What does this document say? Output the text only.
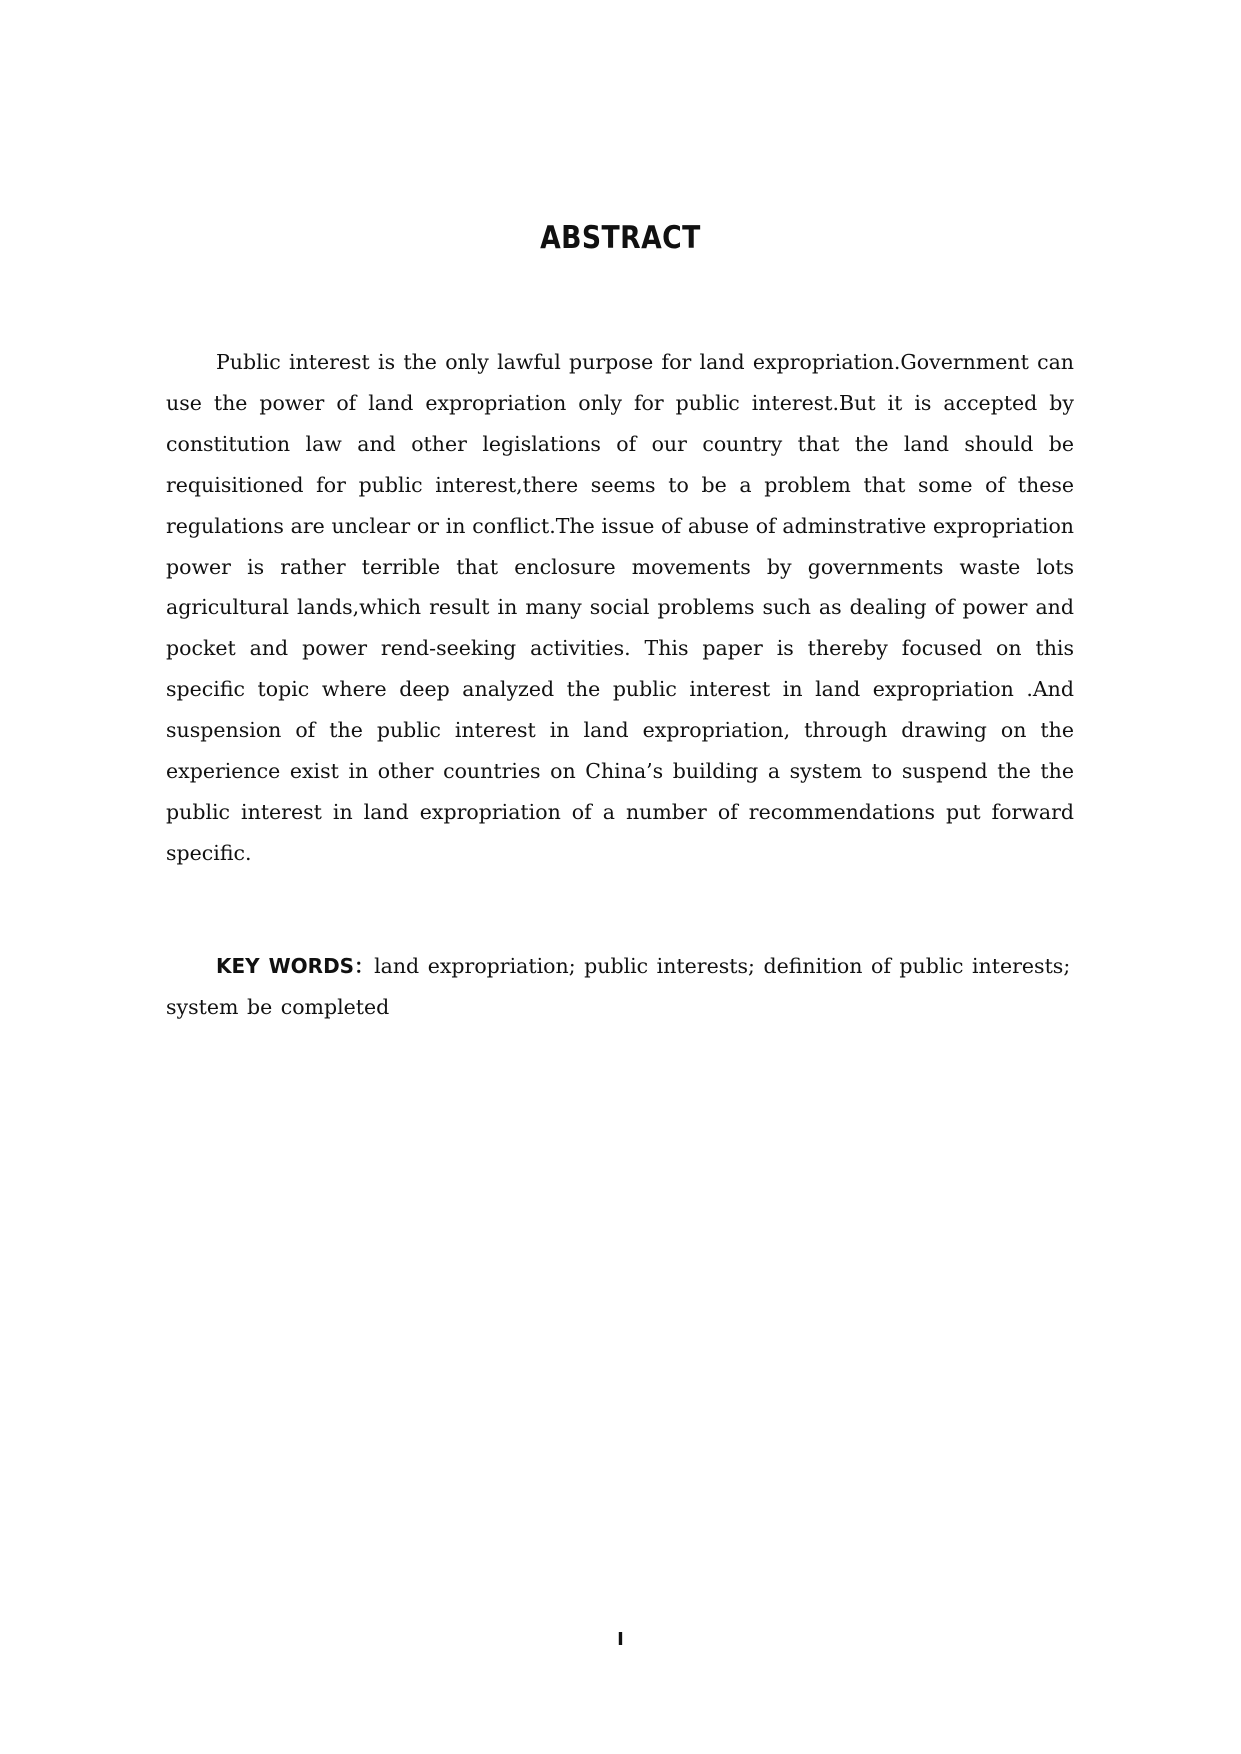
ABSTRACT

Public interest is the only lawful purpose for land expropriation.Government can use the power of land expropriation only for public interest.But it is accepted by constitution law and other legislations of our country that the land should be requisitioned for public interest,there seems to be a problem that some of these regulations are unclear or in conflict.The issue of abuse of adminstrative expropriation power is rather terrible that enclosure movements by governments waste lots agricultural lands,which result in many social problems such as dealing of power and pocket and power rend-seeking activities. This paper is thereby focused on this specific topic where deep analyzed the public interest in land expropriation .And suspension of the public interest in land expropriation, through drawing on the experience exist in other countries on China’s building a system to suspend the the public interest in land expropriation of a number of recommendations put forward specific.

KEY WORDS：land expropriation; public interests; definition of public interests; system be completed

I
